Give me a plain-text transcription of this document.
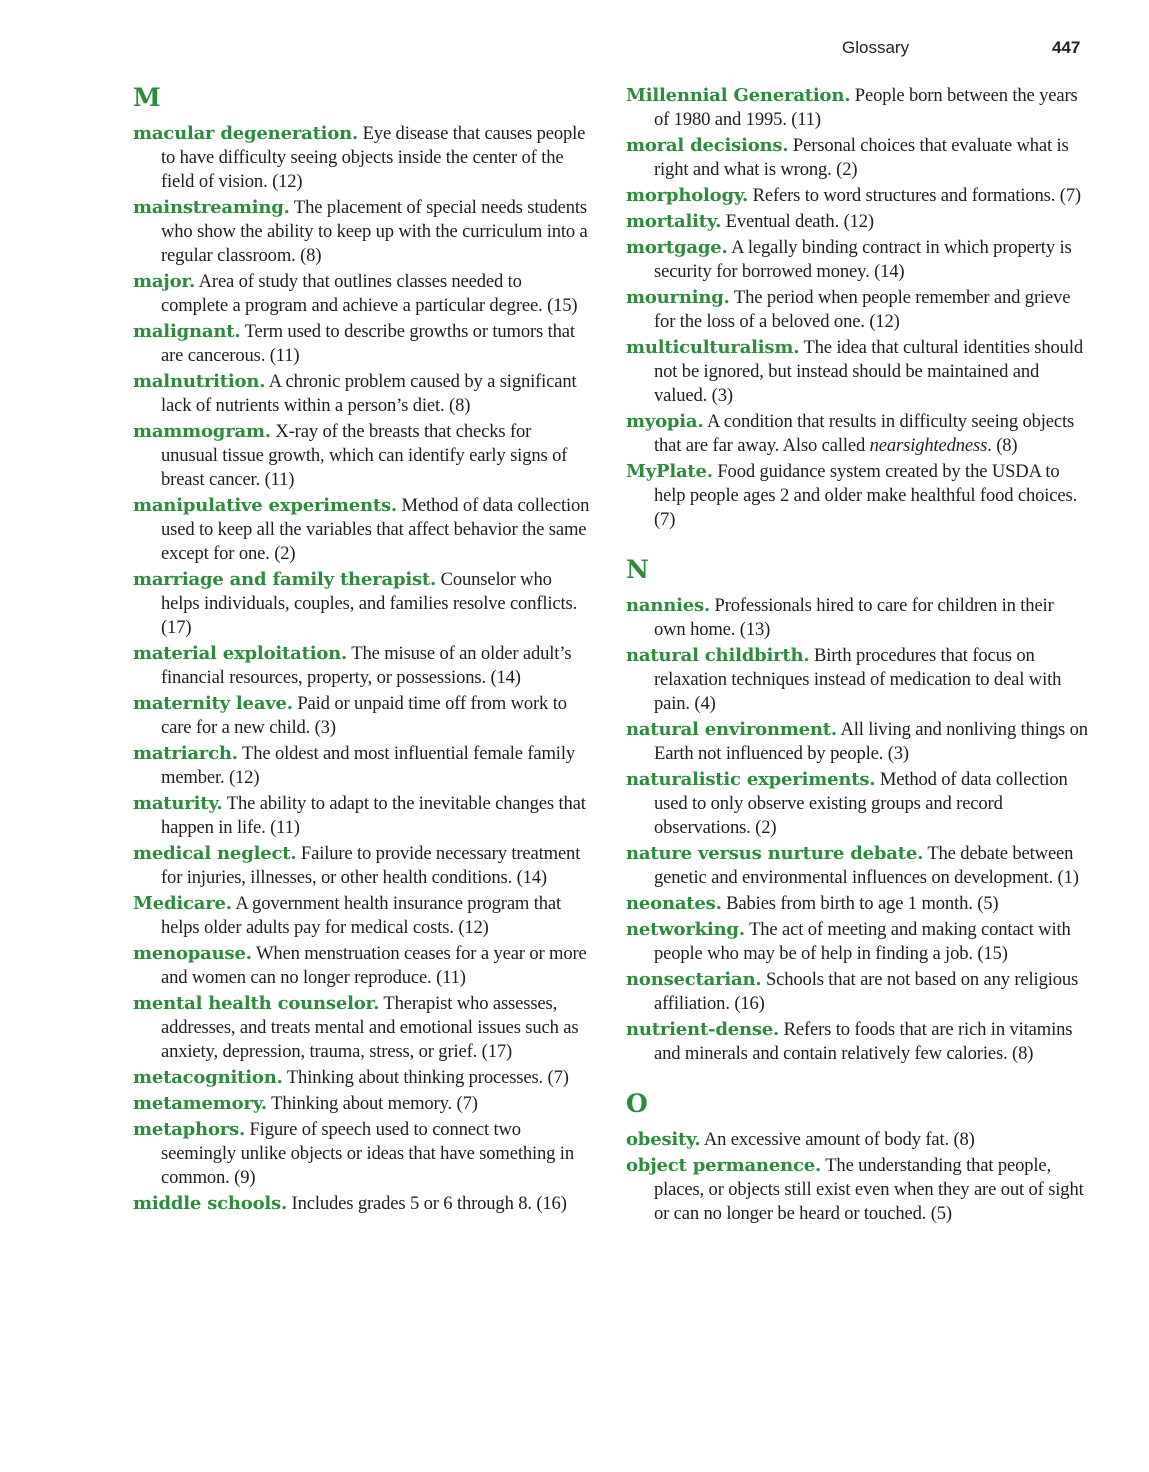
Glossary	447
M

macular degeneration. Eye disease that causes people to have difficulty seeing objects inside the center of the field of vision. (12)

mainstreaming. The placement of special needs students who show the ability to keep up with the curriculum into a regular classroom. (8)

major. Area of study that outlines classes needed to complete a program and achieve a particular degree. (15)

malignant. Term used to describe growths or tumors that are cancerous. (11)

malnutrition. A chronic problem caused by a significant lack of nutrients within a person’s diet. (8)

mammogram. X-ray of the breasts that checks for unusual tissue growth, which can identify early signs of breast cancer. (11)

manipulative experiments. Method of data collection used to keep all the variables that affect behavior the same except for one. (2)

marriage and family therapist. Counselor who helps individuals, couples, and families resolve conflicts. (17)

material exploitation. The misuse of an older adult’s financial resources, property, or possessions. (14)

maternity leave. Paid or unpaid time off from work to care for a new child. (3)

matriarch. The oldest and most influential female family member. (12)

maturity. The ability to adapt to the inevitable changes that happen in life. (11)

medical neglect. Failure to provide necessary treatment for injuries, illnesses, or other health conditions. (14)

Medicare. A government health insurance program that helps older adults pay for medical costs. (12)

menopause. When menstruation ceases for a year or more and women can no longer reproduce. (11)

mental health counselor. Therapist who assesses, addresses, and treats mental and emotional issues such as anxiety, depression, trauma, stress, or grief. (17)

metacognition. Thinking about thinking processes. (7)

metamemory. Thinking about memory. (7)

metaphors. Figure of speech used to connect two seemingly unlike objects or ideas that have something in common. (9)

middle schools. Includes grades 5 or 6 through 8. (16)

Millennial Generation. People born between the years of 1980 and 1995. (11)

moral decisions. Personal choices that evaluate what is right and what is wrong. (2)

morphology. Refers to word structures and formations. (7)

mortality. Eventual death. (12)

mortgage. A legally binding contract in which property is security for borrowed money. (14)

mourning. The period when people remember and grieve for the loss of a beloved one. (12)

multiculturalism. The idea that cultural identities should not be ignored, but instead should be maintained and valued. (3)

myopia. A condition that results in difficulty seeing objects that are far away. Also called nearsightedness. (8)

MyPlate. Food guidance system created by the USDA to help people ages 2 and older make healthful food choices. (7)

N

nannies. Professionals hired to care for children in their own home. (13)

natural childbirth. Birth procedures that focus on relaxation techniques instead of medication to deal with pain. (4)

natural environment. All living and nonliving things on Earth not influenced by people. (3)

naturalistic experiments. Method of data collection used to only observe existing groups and record observations. (2)

nature versus nurture debate. The debate between genetic and environmental influences on development. (1)

neonates. Babies from birth to age 1 month. (5)

networking. The act of meeting and making contact with people who may be of help in finding a job. (15)

nonsectarian. Schools that are not based on any religious affiliation. (16)

nutrient-dense. Refers to foods that are rich in vitamins and minerals and contain relatively few calories. (8)

O

obesity. An excessive amount of body fat. (8)

object permanence. The understanding that people, places, or objects still exist even when they are out of sight or can no longer be heard or touched. (5)
